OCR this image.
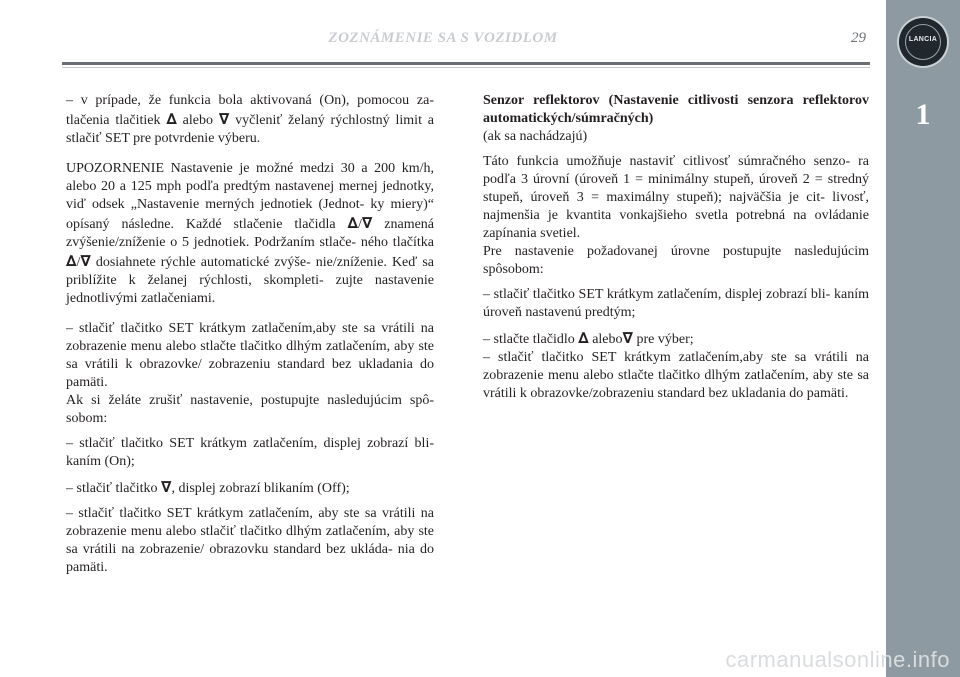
ZOZNÁMENIE SA S VOZIDLOM	29	LANCIA
1

– v prípade, že funkcia bola aktivovaná (On), pomocou za- tlačenia tlačitiek ∆ alebo ∇ vyčleniť želaný rýchlostný limit a stlačiť SET pre potvrdenie výberu.

UPOZORNENIE Nastavenie je možné medzi 30 a 200 km/h, alebo 20 a 125 mph podľa predtým nastavenej mernej jednotky, viď odsek „Nastavenie merných jednotiek (Jednot- ky miery)“ opísaný následne. Každé stlačenie tlačidla ∆/∇ znamená zvýšenie/zníženie o 5 jednotiek. Podržaním stlače- ného tlačítka ∆/∇ dosiahnete rýchle automatické zvýše- nie/zníženie. Keď sa priblížite k želanej rýchlosti, skompleti- zujte nastavenie jednotlivými zatlačeniami.

– stlačiť tlačitko SET krátkym zatlačením,aby ste sa vrátili na zobrazenie menu alebo stlačte tlačitko dlhým zatlačením, aby ste sa vrátili k obrazovke/ zobrazeniu standard bez ukladania do pamäti.

Ak si želáte zrušiť nastavenie, postupujte nasledujúcim spô- sobom:

– stlačiť tlačitko SET krátkym zatlačením, displej zobrazí bli- kaním (On);

– stlačiť tlačitko ∇, displej zobrazí blikaním (Off);

– stlačiť tlačitko SET krátkym zatlačením, aby ste sa vrátili na zobrazenie menu alebo stlačiť tlačitko dlhým zatlačením, aby ste sa vrátili na zobrazenie/ obrazovku standard bez ukláda- nia do pamäti.

Senzor reflektorov (Nastavenie citlivosti senzora reflektorov automatických/súmračných)

(ak sa nachádzajú)

Táto funkcia umožňuje nastaviť citlivosť súmračného senzo- ra podľa 3 úrovní (úroveň 1 = minimálny stupeň, úroveň 2 = stredný stupeň, úroveň 3 = maximálny stupeň); najväčšia je cit- livosť, najmenšia je kvantita vonkajšieho svetla potrebná na ovládanie zapínania svetiel.

Pre nastavenie požadovanej úrovne postupujte nasledujúcim spôsobom:

– stlačiť tlačitko SET krátkym zatlačením, displej zobrazí bli- kaním úroveň nastavenú predtým;

– stlačte tlačidlo ∆ alebo∇ pre výber;

– stlačiť tlačitko SET krátkym zatlačením,aby ste sa vrátili na zobrazenie menu alebo stlačte tlačitko dlhým zatlačením, aby ste sa vrátili k obrazovke/zobrazeniu standard bez ukladania do pamäti.

carmanualsonline.info
